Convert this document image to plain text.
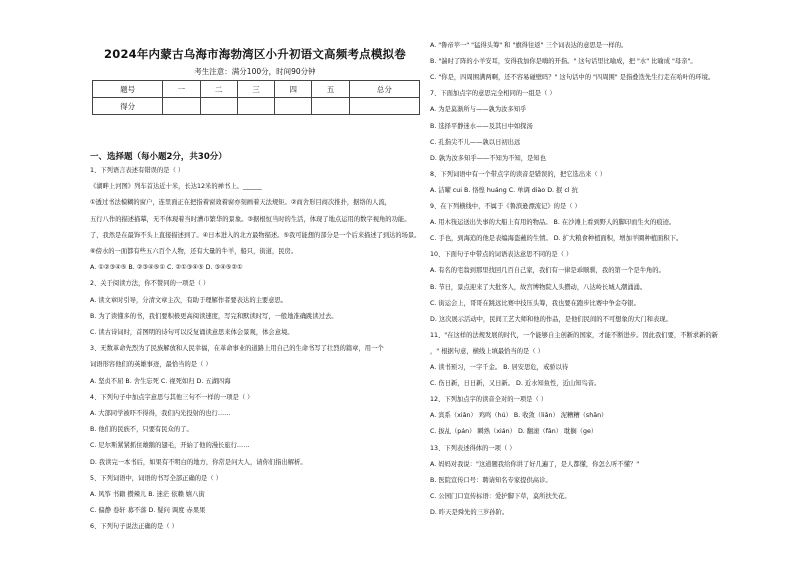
2024年内蒙古乌海市海勃湾区小升初语文高频考点模拟卷
考生注意：满分100分，时间90分钟
题号	一	二	三	四	五	总分
得分						
一、选择题（每小题2分，共30分）
1、下列语言表述有错误的是（ ）
《湖畔上河图》列车首达近十米，长达12米的禅书上。______
①透过书法模糊的窗户，连里面正在把指着窗效着窗亦刻画着天法规矩。②商舍形目商次推扑，据络的人流，
五行八作的描述描摹，无不体现着当时漕市繁华的景象。③据根恒当时的生活，体现了地点运用的数字视角的功能。
了，我然是在最饰不头上直接描述到了。④日本进入的北方最物描述。⑤我可能想的部分是一个后来描述了到达的场景。
⑥傍水的一面都有些五六百个人物，还有大量的牛羊，船只，街道，民房。
A. ①②③④⑤ B. ②③④⑤① C. ②①③④⑤ D. ③④⑤②①
2、关于阅读方法，你不赞同的一项是（ ）
A. 读文章时引导，分清文章主次，有助于理解作者要表达的主要意思。
B. 为了读懂多的书，我们要积极更高阅读速度，写完和默读时写，一般地准确跳读过去。
C. 读古诗词时，首图明的诗句可以反复诵读意思来体会景观，体会意境。
3、无数革命先烈为了民族解放和人民幸福，在革命事业的道路上用自己的生命书写了壮烈的篇章，用一个
词语形容他们的英雄事迹，最恰当的是（ ）
A. 坚贞不屈 B. 舍生忘死 C. 视死如归 D. 五湖四海
4、下列句子中加点字意思与其他三句不一样的一项是（ ）
A. 大部同学被吓不得得，我们内光投射的也行……
B. 他们的民族不，只要有民众的了。
C. 尼尔斯紧紧抓住雄鹅的翅毛，开始了他的漫长旅行……
D. 我读完一本书后，如果有不明白的地方，你常是问大人，请你们指出解析。
5、下列词语中，词语的书写全部正确的是（ ）
A. 风筝 书籍 攒辣儿 B. 迷茫 依赖 嬉八街
C. 偏静 卷轩 募不落 D. 疑问 调度 赤果果
6、下列句子说法正确的是（ ）
A. "鲁帝苹一" "猛得头筹" 和 "旗得往返" 三个词表达的意思是一样的。
B. "湍时了阵的小羊安耳，安得我加你是嗨的开指。" 这句话里比喻成，把 "水" 比喻成 "母亲"。
C. "你是，四周围满两啊，还不容易碰壁吗？" 这句话中的 "四周围" 是指叠迭先生行走在哈叶的环境。
7、下面加点字的意思完全相同的一组是（ ）
A. 为是莫渐所与——孰为汝多知乎
B. 选择平静迷水——及其日中如探汤
C. 孔指尖不儿——孰以日初出远
D. 孰为汝多知乎——不知为不知，是知也
8、下列词语中有一个带点字的读音是错误的，把它选出来（ ）
A. 洁曜 cui B. 恪惶 huáng C. 单调 diào D. 抿 cl 抗
9、在下列横线中，不属于《鲁滨逊漂流记》的是（ ）
A. 用木筏运送出失事的大船上有用的物品。 B. 在沙滩上看到野人的脚印而生火的痕迹。
C. 手也，到海追的他是表编海盗蘸的生情。 D. 扩大粮食种植面积，增加羊圈种植面积下。
10、下面句子中带点的词语表达意思不同的是（ ）
A. 有名的宅翁到那里找回几百自己家，我们有一律是乖顺驯，我的第一个是牛角的。
B. 节日，景点迎来了大批客人，故宫博物院人头攒动，八达岭长城人潮涌涌。
C. 街运会上，哥哥在跳远比赛中技压头筹，我也要在跑步比赛中争金夺银。
D. 这次展示活动中，民间工艺大师和他的作品，是他们民间的不可想象的大门和表现。
11、"在这样的法规发展的时代，一个能够自主创新的国家，才能不断进步。因此我们要，不断求新的新
，" 根据句意，横线上填最恰当的是（ ）
A. 读书预习，一字千金。 B. 居安思危，戒骄以待
C. 伤日新，日日新，又日新。 D. 近水知鱼性，近山知鸟音。
12、下列加点字的读音全对的一项是（ ）
A. 宾系（xiǎn） 鸡鸣（hú） B. 收敛（liǎn） 泥糟糟（shān）
C. 拔乩（pán） 瞬熟（xián） D. 翻滚（fān） 耽搁（ge）
13、下列表述得体的一项（ ）
A. 妈妈对我说："这道题我给你讲了好几遍了，是人都懂，你怎么听不懂？"
B. 医院宣传口号：聘请知名专家提供高诊。
C. 公园门口宣传标语：爱护脚下草，莫所扶失花。
D. 昨天是舜先的三岁孙阶。
